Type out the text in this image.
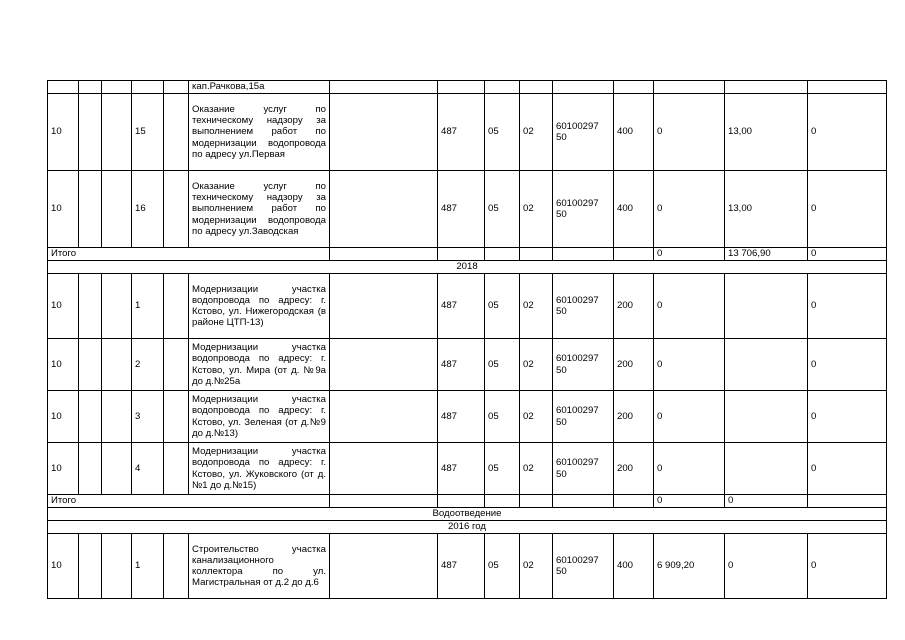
					кап.Рачкова,15а									
10			15		Оказание услуг по техническому надзору за выполнением работ по модернизации водопровода по адресу ул.Первая		487	05	02	60100297 50	400	0	13,00	0
10			16		Оказание услуг по техническому надзору за выполнением работ по модернизации водопровода по адресу ул.Заводская		487	05	02	60100297 50	400	0	13,00	0
Итого												0	13 706,90	0
2018														
10			1		Модернизации участка водопровода по адресу: г. Кстово, ул. Нижегородская (в районе ЦТП-13)		487	05	02	60100297 50	200	0		0
10			2		Модернизации участка водопровода по адресу: г. Кстово, ул. Мира (от д. №9а до д.№25а		487	05	02	60100297 50	200	0		0
10			3		Модернизации участка водопровода по адресу: г. Кстово, ул. Зеленая (от д.№9 до д.№13)		487	05	02	60100297 50	200	0		0
10			4		Модернизации участка водопровода по адресу: г. Кстово, ул. Жуковского (от д.№1 до д.№15)		487	05	02	60100297 50	200	0		0
Итого												0	0	
Водоотведение														
2016 год														
10			1		Строительство участка канализационного коллектора по ул. Магистральная от д.2 до д.6		487	05	02	60100297 50	400	6 909,20	0	0
